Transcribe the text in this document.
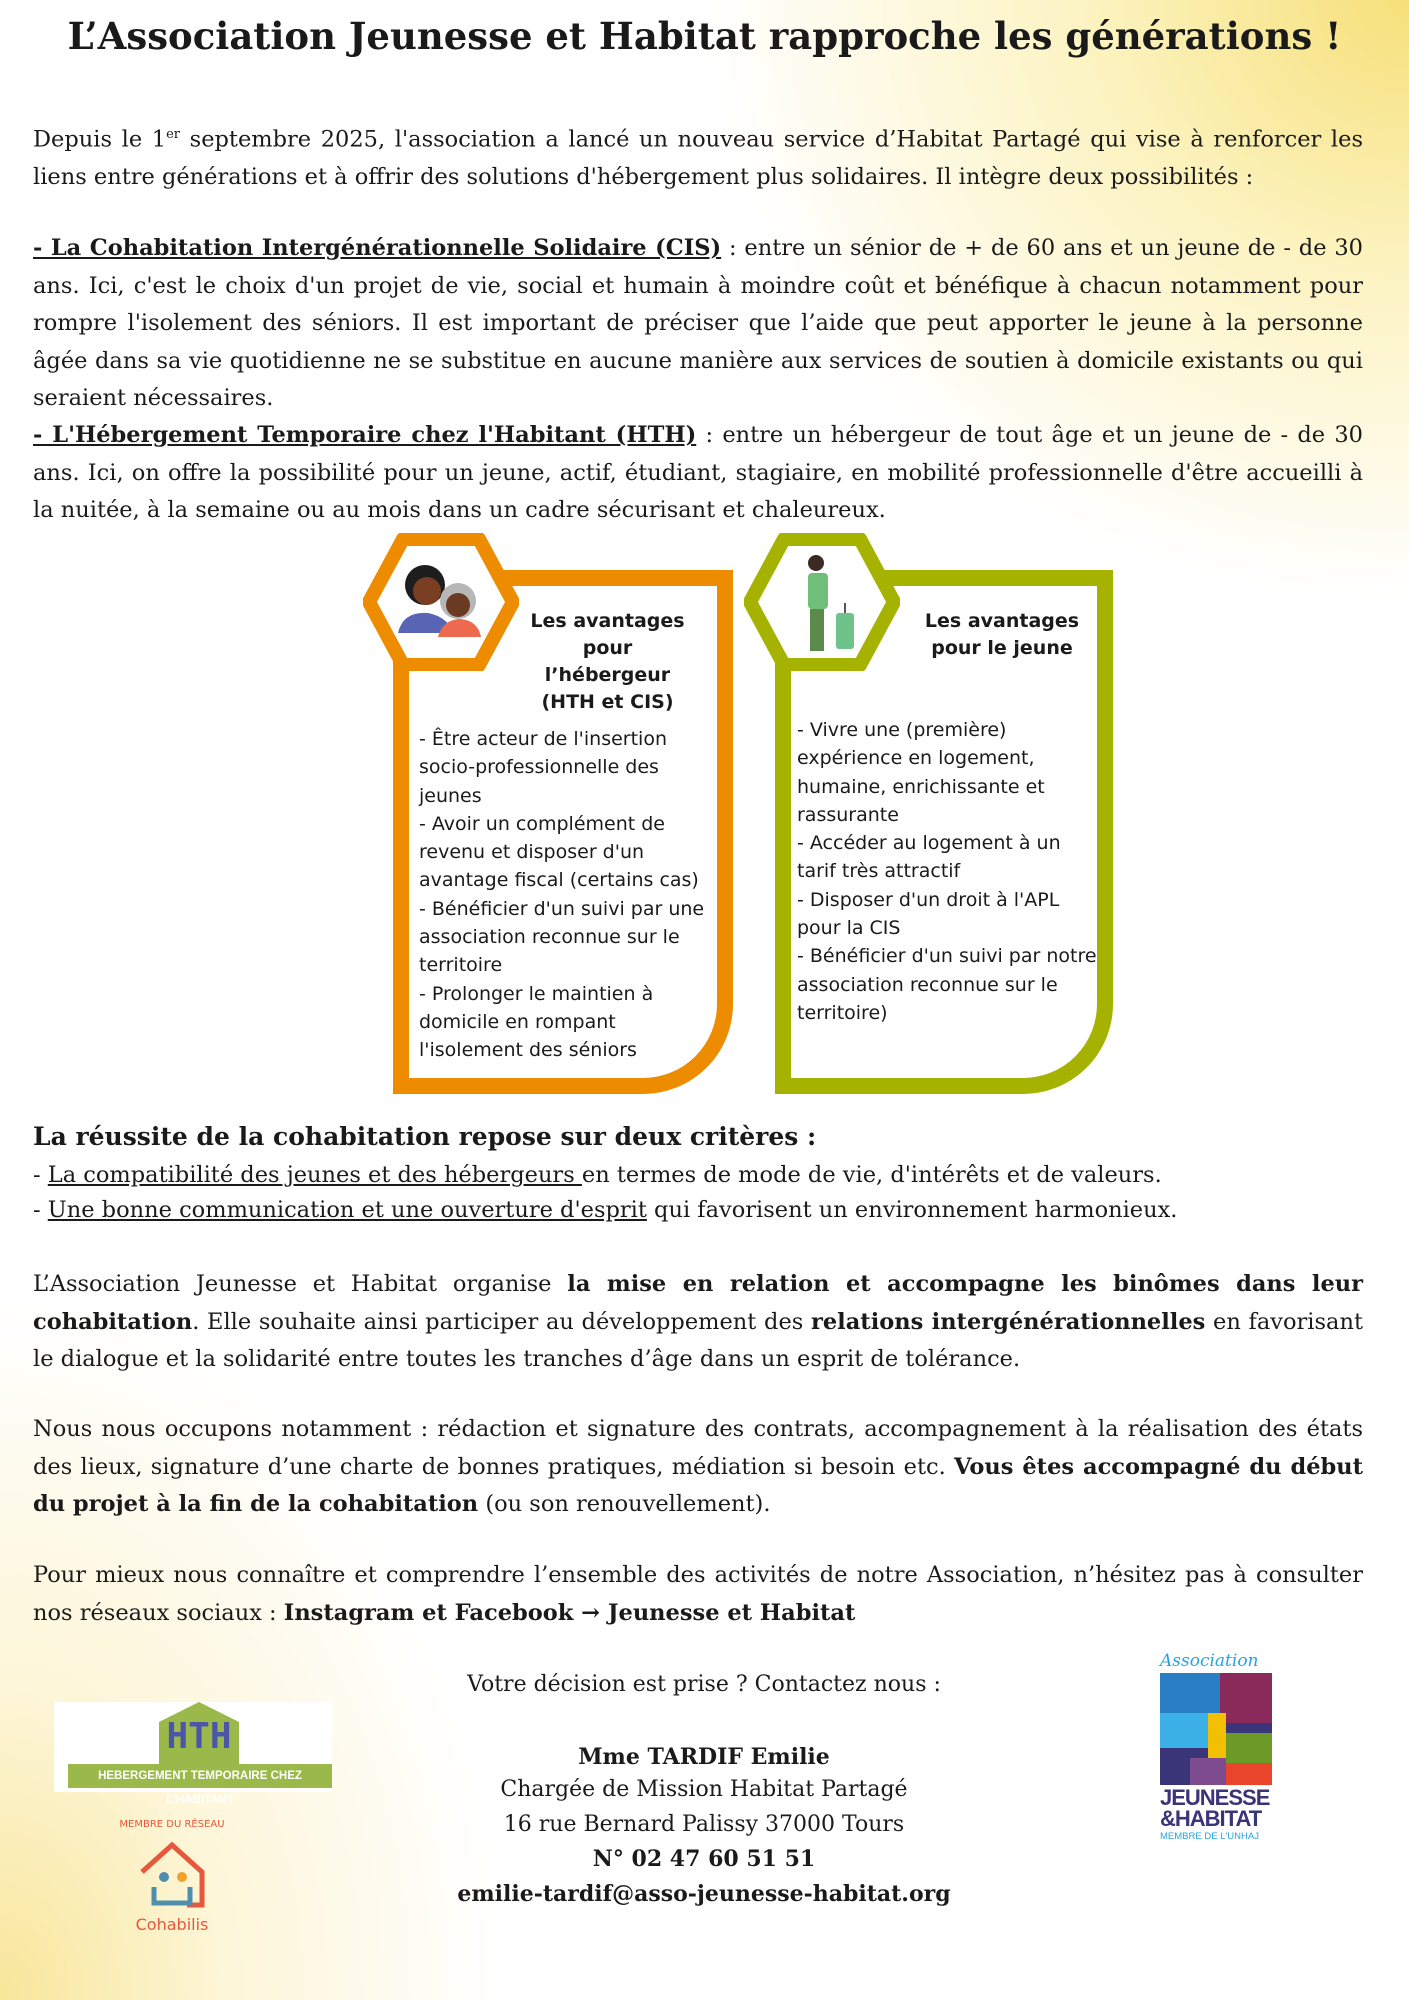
L’Association Jeunesse et Habitat rapproche les générations !
Depuis le 1er septembre 2025, l'association a lancé un nouveau service d’Habitat Partagé qui vise à renforcer les liens entre générations et à offrir des solutions d'hébergement plus solidaires. Il intègre deux possibilités :
- La Cohabitation Intergénérationnelle Solidaire (CIS) : entre un sénior de + de 60 ans et un jeune de - de 30 ans. Ici, c'est le choix d'un projet de vie, social et humain à moindre coût et bénéfique à chacun notamment pour rompre l'isolement des séniors. Il est important de préciser que l’aide que peut apporter le jeune à la personne âgée dans sa vie quotidienne ne se substitue en aucune manière aux services de soutien à domicile existants ou qui seraient nécessaires.
- L'Hébergement Temporaire chez l'Habitant (HTH) : entre un hébergeur de tout âge et un jeune de - de 30 ans. Ici, on offre la possibilité pour un jeune, actif, étudiant, stagiaire, en mobilité professionnelle d'être accueilli à la nuitée, à la semaine ou au mois dans un cadre sécurisant et chaleureux.
Les avantages pour l’hébergeur (HTH et CIS)
- Être acteur de l'insertion socio-professionnelle des jeunes
- Avoir un complément de revenu et disposer d'un avantage fiscal (certains cas)
- Bénéficier d'un suivi par une association reconnue sur le territoire
- Prolonger le maintien à domicile en rompant l'isolement des séniors
Les avantages pour le jeune
- Vivre une (première) expérience en logement, humaine, enrichissante et rassurante
- Accéder au logement à un tarif très attractif
- Disposer d'un droit à l'APL pour la CIS
- Bénéficier d'un suivi par notre association reconnue sur le territoire)
La réussite de la cohabitation repose sur deux critères :
- La compatibilité des jeunes et des hébergeurs en termes de mode de vie, d'intérêts et de valeurs.
- Une bonne communication et une ouverture d'esprit qui favorisent un environnement harmonieux.
L’Association Jeunesse et Habitat organise la mise en relation et accompagne les binômes dans leur cohabitation. Elle souhaite ainsi participer au développement des relations intergénérationnelles en favorisant le dialogue et la solidarité entre toutes les tranches d’âge dans un esprit de tolérance.
Nous nous occupons notamment : rédaction et signature des contrats, accompagnement à la réalisation des états des lieux, signature d’une charte de bonnes pratiques, médiation si besoin etc. Vous êtes accompagné du début du projet à la fin de la cohabitation (ou son renouvellement).
Pour mieux nous connaître et comprendre l’ensemble des activités de notre Association, n’hésitez pas à consulter nos réseaux sociaux : Instagram et Facebook → Jeunesse et Habitat
Votre décision est prise ? Contactez nous :
Mme TARDIF Emilie
Chargée de Mission Habitat Partagé
16 rue Bernard Palissy 37000 Tours
N° 02 47 60 51 51
emilie-tardif@asso-jeunesse-habitat.org
HTH
HEBERGEMENT TEMPORAIRE CHEZ L'HABITANT
MEMBRE DU RÉSEAU
Cohabilis
Association
JEUNESSE
&HABITAT
MEMBRE DE L'UNHAJ
